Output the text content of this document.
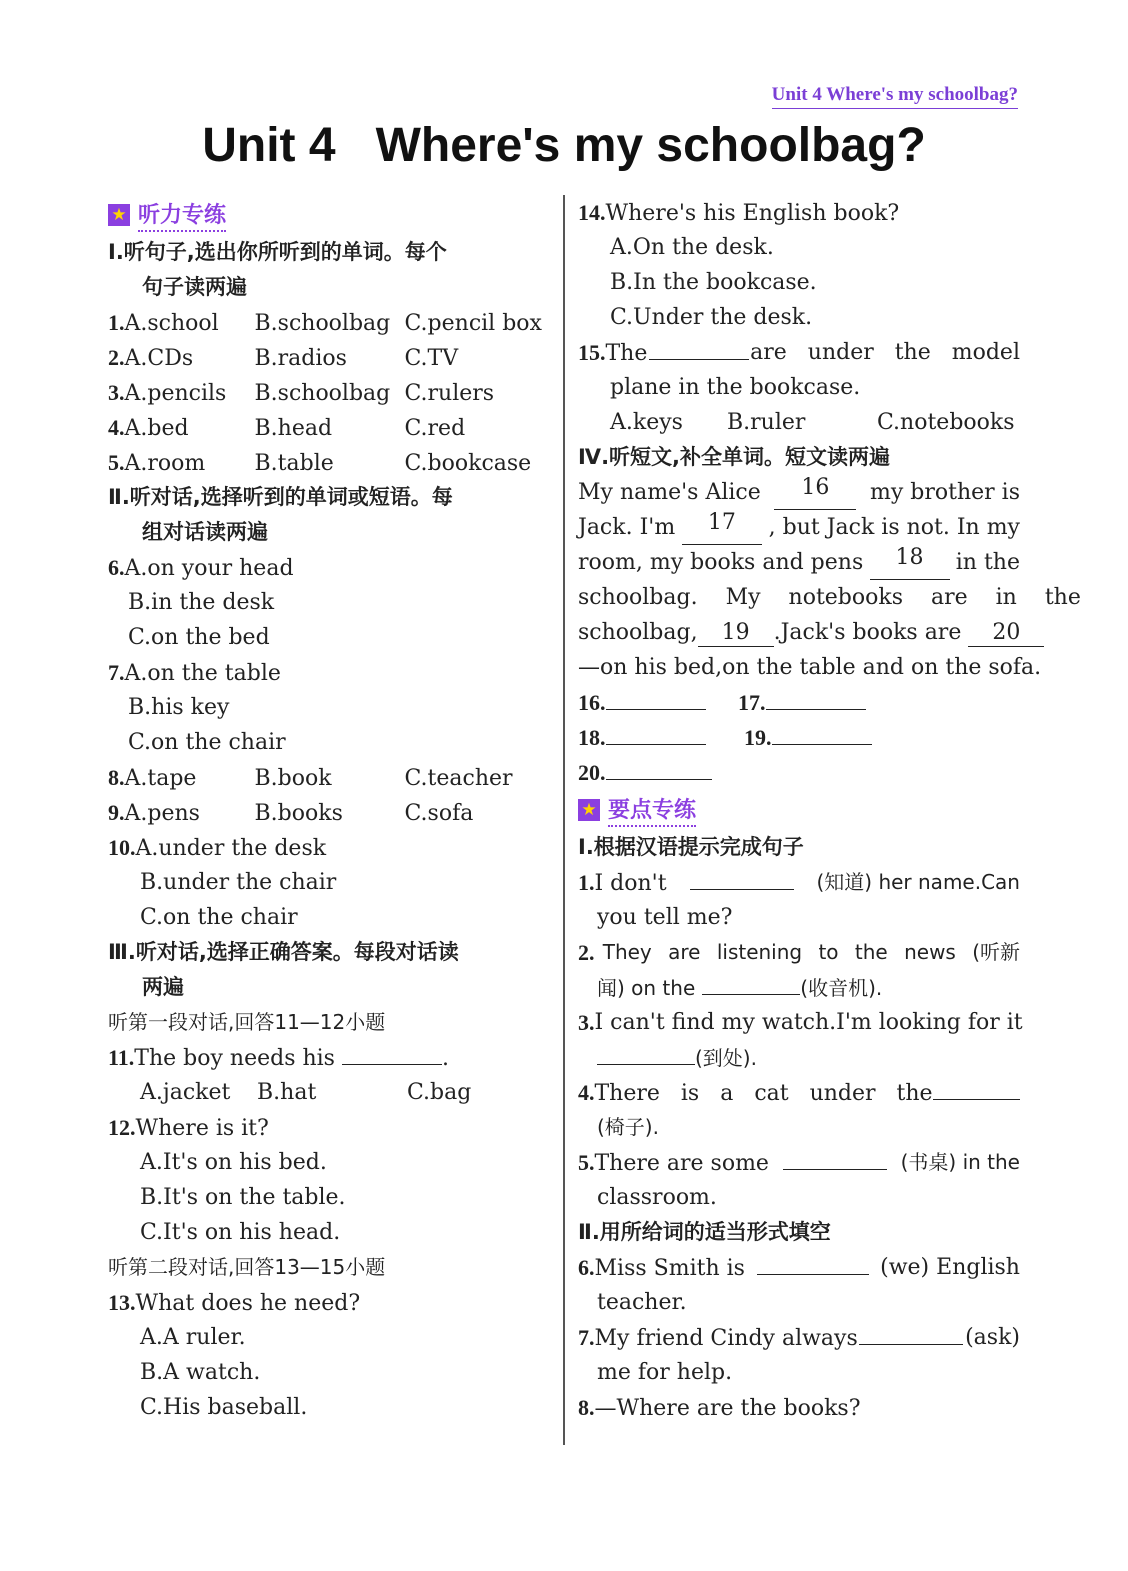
Unit 4 Where's my schoolbag?
Unit 4   Where's my schoolbag?
★ 听力专练
Ⅰ.听句子,选出你所听到的单词。每个
句子读两遍
1.A.school B.schoolbag C.pencil box
2.A.CDs	B.radios	C.TV
3.A.pencils B.schoolbag C.rulers
4.A.bed	B.head	C.red
5.A.room B.table	C.bookcase
Ⅱ.听对话,选择听到的单词或短语。每
组对话读两遍
6.A.on your head
B.in the desk
C.on the bed
7.A.on the table
B.his key
C.on the chair
8.A.tape	B.book	C.teacher
9.A.pens B.books	C.sofa
10.A.under the desk
B.under the chair
C.on the chair
Ⅲ.听对话,选择正确答案。每段对话读
两遍
听第一段对话,回答11—12小题
11.The boy needs his	.
A.jacket B.hat	C.bag
12.Where is it?
A.It's on his bed.
B.It's on the table.
C.It's on his head.
听第二段对话,回答13—15小题
13.What does he need?
A.A ruler.
B.A watch.
C.His baseball.
14.Where's his English book?
A.On the desk.
B.In the bookcase.
C.Under the desk.
15.The	are under the model
plane in the bookcase.
A.keys B.ruler	C.notebooks
Ⅳ.听短文,补全单词。短文读两遍
My name's Alice	16	my brother is
Jack. I'm	17	, but Jack is not. In my
room, my books and pens	18	in the
schoolbag. My notebooks are in the
schoolbag, 19 .Jack's books are 20
—on his bed,on the table and on the sofa.
16.	17.
18.	19.
20.
★ 要点专练
Ⅰ.根据汉语提示完成句子
1.I don't	(知道) her name.Can
you tell me?
2. They are listening to the news (听新
闻) on the	(收音机).
3. I can't find my watch.I'm looking for it
(到处).
4.There is a cat under the
(椅子).
5.There are some	(书桌) in the
classroom.
Ⅱ.用所给词的适当形式填空
6.Miss Smith is	(we) English
teacher.
7.My friend Cindy always	(ask)
me for help.
8.—Where are the books?
